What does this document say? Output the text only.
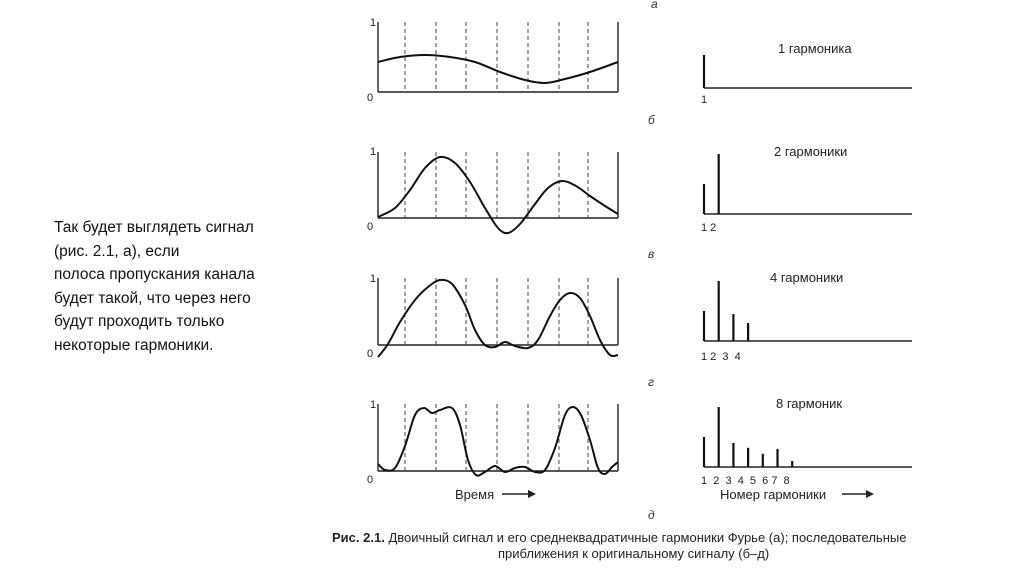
Так будет выглядеть сигнал
(рис. 2.1, а), если
полоса пропускания канала
будет такой, что через него
будут проходить только
некоторые гармоники.
а
1
0
1 гармоника
1
б
1
0
2 гармоники
1 2
в
1
0
4 гармоники
1 2  3  4
г
1
0
8 гармоник
1  2  3  4  5  6 7  8
д
Время	Номер гармоники
Рис. 2.1. Двоичный сигнал и его среднеквадратичные гармоники Фурье (а); последовательные
приближения к оригинальному сигналу (б–д)
